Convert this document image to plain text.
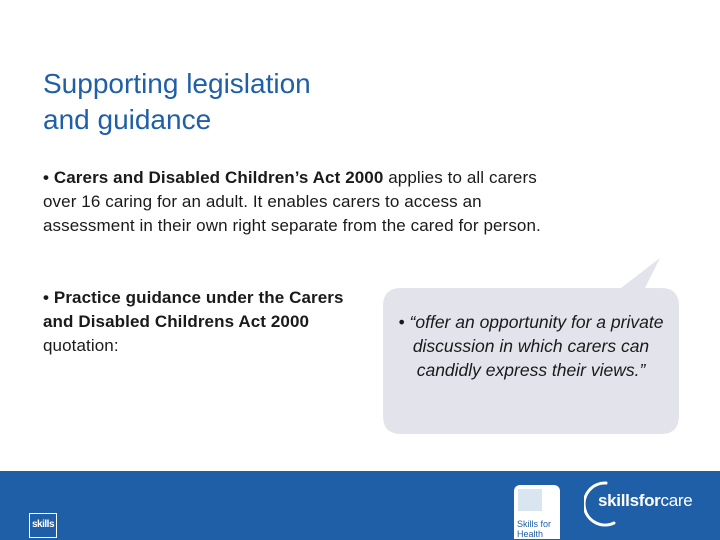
Supporting legislation
and guidance
• Carers and Disabled Children’s Act 2000 applies to all carers over 16 caring for an adult. It enables carers to access an assessment in their own right separate from the cared for person.
• Practice guidance under the Carers and Disabled Childrens Act 2000 quotation:
• “offer an opportunity for a private discussion in which carers can candidly express their views.”
skills	Skills for
Health
skillsforcare
